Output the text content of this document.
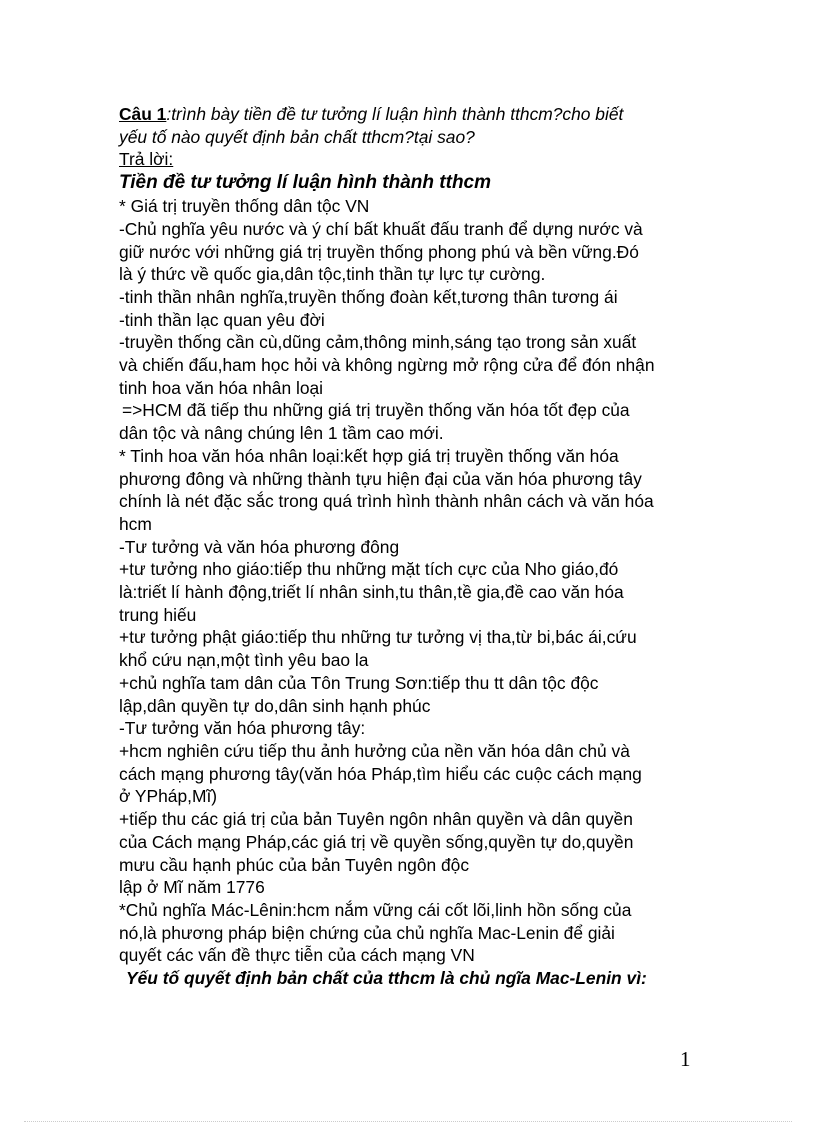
Câu 1:trình bày tiền đề tư tưởng lí luận hình thành tthcm?cho biết
yếu tố nào quyết định bản chất tthcm?tại sao?
Trả lời:
Tiền đề tư tưởng lí luận hình thành tthcm
* Giá trị truyền thống dân tộc VN
-Chủ nghĩa yêu nước và ý chí bất khuất đấu tranh để dựng nước và
giữ nước với những giá trị truyền thống phong phú và bền vững.Đó
là ý thức về quốc gia,dân tộc,tinh thần tự lực tự cường.
-tinh thần nhân nghĩa,truyền thống đoàn kết,tương thân tương ái
-tinh thần lạc quan yêu đời
-truyền thống cần cù,dũng cảm,thông minh,sáng tạo trong sản xuất
và chiến đấu,ham học hỏi và không ngừng mở rộng cửa để đón nhận
tinh hoa văn hóa nhân loại
=>HCM đã tiếp thu những giá trị truyền thống văn hóa tốt đẹp của
dân tộc và nâng chúng lên 1 tầm cao mới.
* Tinh hoa văn hóa nhân loại:kết hợp giá trị truyền thống văn hóa
phương đông và những thành tựu hiện đại của văn hóa phương tây
chính là nét đặc sắc trong quá trình hình thành nhân cách và văn hóa
hcm
-Tư tưởng và văn hóa phương đông
+tư tưởng nho giáo:tiếp thu những mặt tích cực của Nho giáo,đó
là:triết lí hành động,triết lí nhân sinh,tu thân,tề gia,đề cao văn hóa
trung hiếu
+tư tưởng phật giáo:tiếp thu những tư tưởng vị tha,từ bi,bác ái,cứu
khổ cứu nạn,một tình yêu bao la
+chủ nghĩa tam dân của Tôn Trung Sơn:tiếp thu tt dân tộc độc
lập,dân quyền tự do,dân sinh hạnh phúc
-Tư tưởng văn hóa phương tây:
+hcm nghiên cứu tiếp thu ảnh hưởng của nền văn hóa dân chủ và
cách mạng phương tây(văn hóa Pháp,tìm hiểu các cuộc cách mạng
ở YPháp,Mĩ)
+tiếp thu các giá trị của bản Tuyên ngôn nhân quyền và dân quyền
của Cách mạng Pháp,các giá trị về quyền sống,quyền tự do,quyền
mưu cầu hạnh phúc của bản Tuyên ngôn độc
lập ở Mĩ năm 1776
*Chủ nghĩa Mác-Lênin:hcm nắm vững cái cốt lõi,linh hồn sống của
nó,là phương pháp biện chứng của chủ nghĩa Mac-Lenin để giải
quyết các vấn đề thực tiễn của cách mạng VN
Yếu tố quyết định bản chất của tthcm là chủ ngĩa Mac-Lenin vì:
1
